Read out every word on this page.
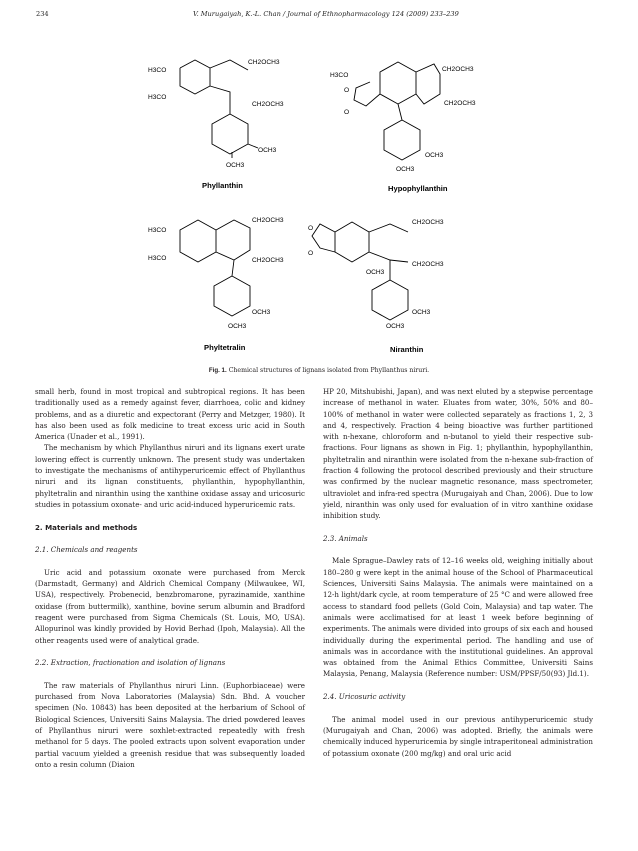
234	V. Murugaiyah, K.-L. Chan / Journal of Ethnopharmacology 124 (2009) 233–239
H3CO
H3CO
CH2OCH3
CH2OCH3
OCH3
OCH3
H3CO
CH2OCH3
CH2OCH3
O
O
OCH3
OCH3
H3CO
H3CO
CH2OCH3
CH2OCH3
OCH3
OCH3
O
O
CH2OCH3
CH2OCH3
OCH3
OCH3
OCH3
Phyllanthin	Hypophyllanthin
Phyltetralin	Niranthin
Fig. 1. Chemical structures of lignans isolated from Phyllanthus niruri.

small herb, found in most tropical and subtropical regions. It has been traditionally used as a remedy against fever, diarrhoea, colic and kidney problems, and as a diuretic and expectorant (Perry and Metzger, 1980). It has also been used as folk medicine to treat excess uric acid in South America (Unader et al., 1991).

The mechanism by which Phyllanthus niruri and its lignans exert urate lowering effect is currently unknown. The present study was undertaken to investigate the mechanisms of antihyperuricemic effect of Phyllanthus niruri and its lignan constituents, phyllanthin, hypophyllanthin, phyltetralin and niranthin using the xanthine oxidase assay and uricosuric studies in potassium oxonate- and uric acid-induced hyperuricemic rats.

2. Materials and methods

2.1. Chemicals and reagents

Uric acid and potassium oxonate were purchased from Merck (Darmstadt, Germany) and Aldrich Chemical Company (Milwaukee, WI, USA), respectively. Probenecid, benzbromarone, pyrazinamide, xanthine oxidase (from buttermilk), xanthine, bovine serum albumin and Bradford reagent were purchased from Sigma Chemicals (St. Louis, MO, USA). Allopurinol was kindly provided by Hovid Berhad (Ipoh, Malaysia). All the other reagents used were of analytical grade.

2.2. Extraction, fractionation and isolation of lignans

The raw materials of Phyllanthus niruri Linn. (Euphorbiaceae) were purchased from Nova Laboratories (Malaysia) Sdn. Bhd. A voucher specimen (No. 10843) has been deposited at the herbarium of School of Biological Sciences, Universiti Sains Malaysia. The dried powdered leaves of Phyllanthus niruri were soxhlet-extracted repeatedly with fresh methanol for 5 days. The pooled extracts upon solvent evaporation under partial vacuum yielded a greenish residue that was subsequently loaded onto a resin column (Diaion

HP 20, Mitshubishi, Japan), and was next eluted by a stepwise percentage increase of methanol in water. Eluates from water, 30%, 50% and 80–100% of methanol in water were collected separately as fractions 1, 2, 3 and 4, respectively. Fraction 4 being bioactive was further partitioned with n-hexane, chloroform and n-butanol to yield their respective sub-fractions. Four lignans as shown in Fig. 1; phyllanthin, hypophyllanthin, phyltetralin and niranthin were isolated from the n-hexane sub-fraction of fraction 4 following the protocol described previously and their structure was confirmed by the nuclear magnetic resonance, mass spectrometer, ultraviolet and infra-red spectra (Murugaiyah and Chan, 2006). Due to low yield, niranthin was only used for evaluation of in vitro xanthine oxidase inhibition study.

2.3. Animals

Male Sprague–Dawley rats of 12–16 weeks old, weighing initially about 180–280 g were kept in the animal house of the School of Pharmaceutical Sciences, Universiti Sains Malaysia. The animals were maintained on a 12-h light/dark cycle, at room temperature of 25 °C and were allowed free access to standard food pellets (Gold Coin, Malaysia) and tap water. The animals were acclimatised for at least 1 week before beginning of experiments. The animals were divided into groups of six each and housed individually during the experimental period. The handling and use of animals was in accordance with the institutional guidelines. An approval was obtained from the Animal Ethics Committee, Universiti Sains Malaysia, Penang, Malaysia (Reference number: USM/PPSF/50(93) Jld.1).

2.4. Uricosuric activity

The animal model used in our previous antihyperuricemic study (Murugaiyah and Chan, 2006) was adopted. Briefly, the animals were chemically induced hyperuricemia by single intraperitoneal administration of potassium oxonate (200 mg/kg) and oral uric acid
